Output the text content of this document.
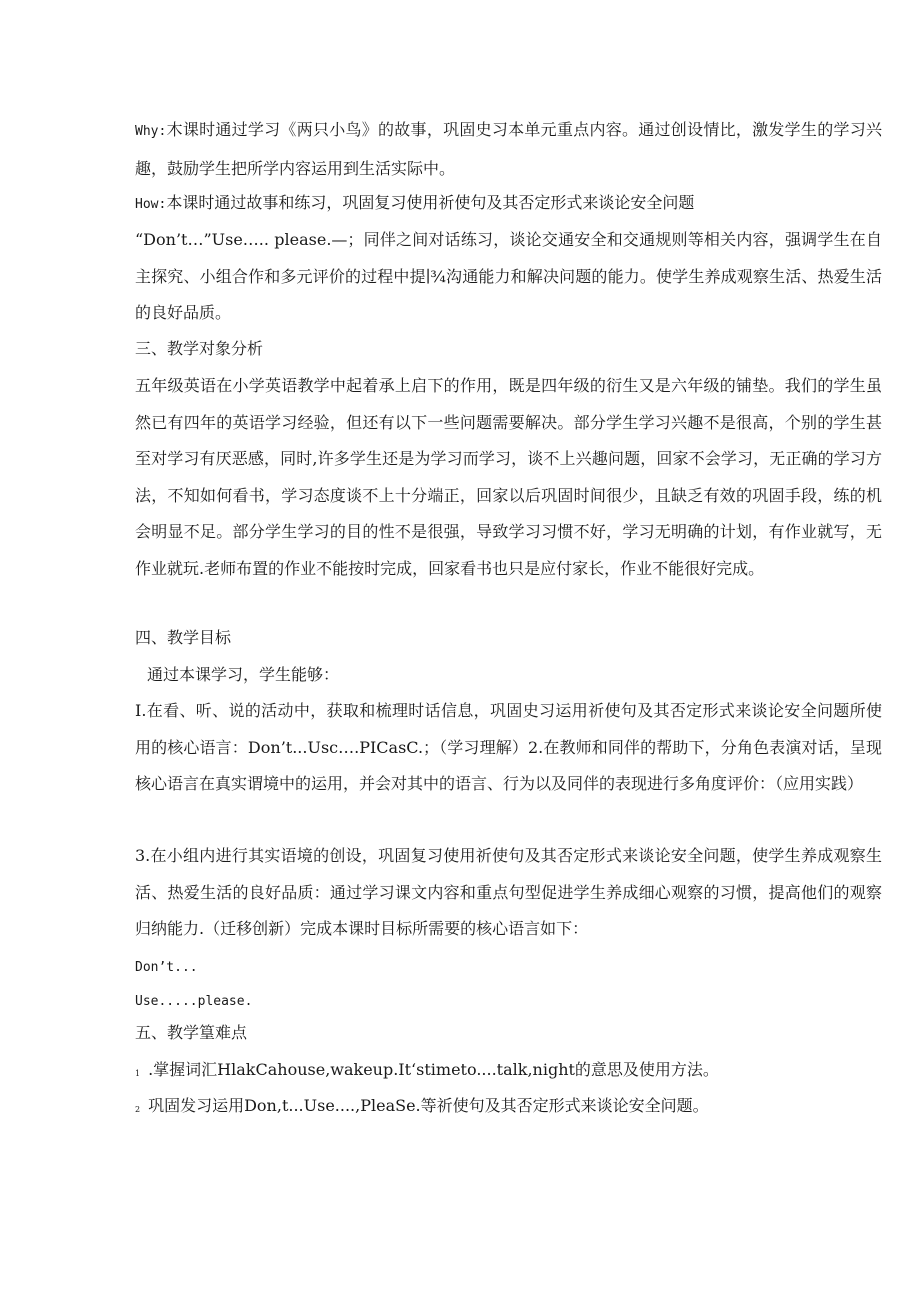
Why:木课时通过学习《两只小鸟》的故事，巩固史习本单元重点内容。通过创设情比，激发学生的学习兴趣，鼓励学生把所学内容运用到生活实际中。

How:本课时通过故事和练习，巩固复习使用祈使句及其否定形式来谈论安全问题

“Don’t…”Use….. please.—；同伴之间对话练习，谈论交通安全和交通规则等相关内容，强调学生在自主探究、小组合作和多元评价的过程中提∣¾沟通能力和解决问题的能力。使学生养成观察生活、热爱生活的良好品质。

三、教学对象分析

五年级英语在小学英语教学中起着承上启下的作用，既是四年级的衍生又是六年级的铺垫。我们的学生虽然已有四年的英语学习经验，但还有以下一些问题需要解决。部分学生学习兴趣不是很高，个别的学生甚至对学习有厌恶感，同时,许多学生还是为学习而学习，谈不上兴趣问题，回家不会学习，无正确的学习方法，不知如何看书，学习态度谈不上十分端正，回家以后巩固时间很少，且缺乏有效的巩固手段，练的机会明显不足。部分学生学习的目的性不是很强，导致学习习惯不好，学习无明确的计划，有作业就写，无作业就玩.老师布置的作业不能按时完成，回家看书也只是应付家长，作业不能很好完成。

四、教学目标

通过本课学习，学生能够：

I.在看、听、说的活动中，获取和梳理时话信息，巩固史习运用祈使句及其否定形式来谈论安全问题所使用的核心语言：Don’t...Usc….PICasC.；（学习理解）2.在教师和同伴的帮助下，分角色表演对话，呈现核心语言在真实谓境中的运用，并会对其中的语言、行为以及同伴的表现进行多角度评价：（应用实践）

3.在小组内进行其实语境的创设，巩固复习使用祈使句及其否定形式来谈论安全问题，使学生养成观察生活、热爱生活的良好品质：通过学习课文内容和重点句型促进学生养成细心观察的习惯，提高他们的观察归纳能力.（迁移创新）完成本课时目标所需要的核心语言如下：

Don’t...

Use.....please.

五、教学篁难点

$^1$ .掌握词汇HlakCahouse,wakeup.It‘stimeto....talk,night的意思及使用方法。

$^2$ 巩固发习运用Don,t...Use....,PleaSe.等祈使句及其否定形式来谈论安全问题。
